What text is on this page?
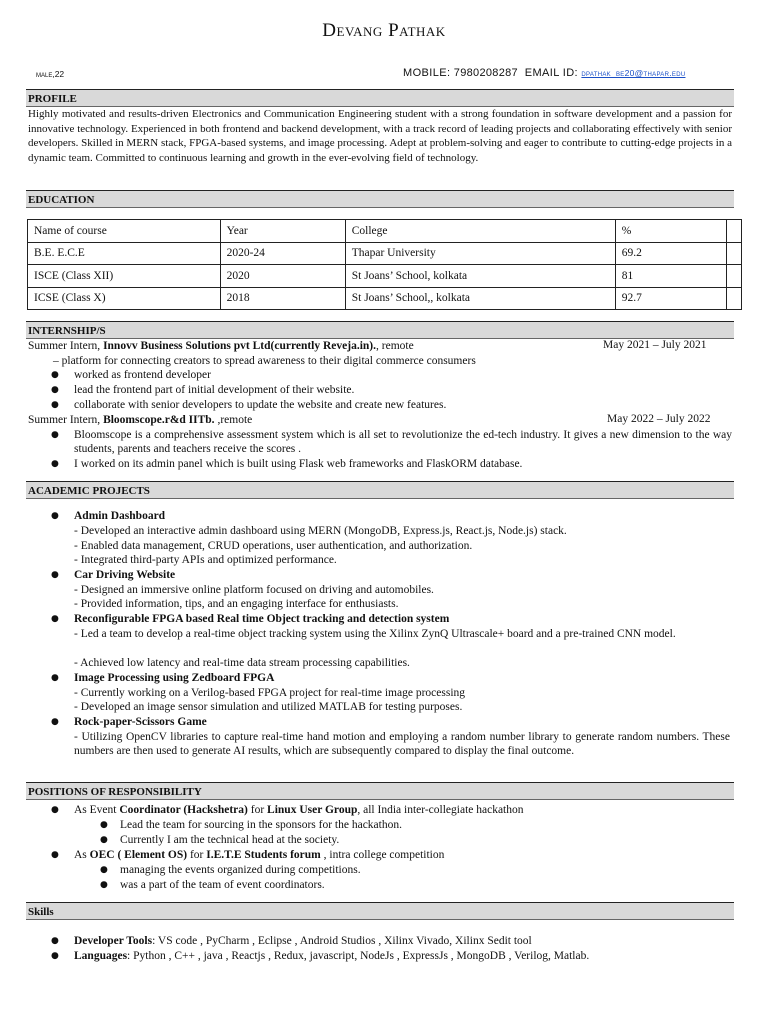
Devang Pathak
male,22	MOBILE: 7980208287 EMAIL ID: dpathak_be20@thapar.edu
PROFILE
Highly motivated and results-driven Electronics and Communication Engineering student with a strong foundation in software development and a passion for innovative technology. Experienced in both frontend and backend development, with a track record of leading projects and collaborating effectively with senior developers. Skilled in MERN stack, FPGA-based systems, and image processing. Adept at problem-solving and eager to contribute to cutting-edge projects in a dynamic team. Committed to continuous learning and growth in the ever-evolving field of technology.
EDUCATION
Name of course	Year	College	%	
B.E. E.C.E	2020-24	Thapar University	69.2	
ISCE (Class XII)	2020	St Joans’ School, kolkata	81	
ICSE (Class X)	2018	St Joans’ School,, kolkata	92.7	
INTERNSHIP/S
Summer Intern, Innovv Business Solutions pvt Ltd(currently Reveja.in)., remote	May 2021 – July 2021
– platform for connecting creators to spread awareness to their digital commerce consumers
● worked as frontend developer
● lead the frontend part of initial development of their website.
● collaborate with senior developers to update the website and create new features.
Summer Intern, Bloomscope.r&d IITb. ,remote	May 2022 – July 2022
● Bloomscope is a comprehensive assessment system which is all set to revolutionize the ed-tech industry. It gives a new dimension to the way students, parents and teachers receive the scores .
● I worked on its admin panel which is built using Flask web frameworks and FlaskORM database.
ACADEMIC PROJECTS
● Admin Dashboard
- Developed an interactive admin dashboard using MERN (MongoDB, Express.js, React.js, Node.js) stack.
- Enabled data management, CRUD operations, user authentication, and authorization.
- Integrated third-party APIs and optimized performance.
● Car Driving Website
- Designed an immersive online platform focused on driving and automobiles.
- Provided information, tips, and an engaging interface for enthusiasts.
● Reconfigurable FPGA based Real time Object tracking and detection system
- Led a team to develop a real-time object tracking system using the Xilinx ZynQ Ultrascale+ board and a pre-trained CNN model.
- Achieved low latency and real-time data stream processing capabilities.
● Image Processing using Zedboard FPGA
- Currently working on a Verilog-based FPGA project for real-time image processing
- Developed an image sensor simulation and utilized MATLAB for testing purposes.
● Rock-paper-Scissors Game
- Utilizing OpenCV libraries to capture real-time hand motion and employing a random number library to generate random numbers. These numbers are then used to generate AI results, which are subsequently compared to display the final outcome.
POSITIONS OF RESPONSIBILITY
● As Event Coordinator (Hackshetra) for Linux User Group, all India inter-collegiate hackathon
● Lead the team for sourcing in the sponsors for the hackathon.
● Currently I am the technical head at the society.
● As OEC ( Element OS) for I.E.T.E Students forum , intra college competition
● managing the events organized during competitions.
● was a part of the team of event coordinators.
Skills
● Developer Tools: VS code , PyCharm , Eclipse , Android Studios , Xilinx Vivado, Xilinx Sedit tool
● Languages: Python , C++ , java , Reactjs , Redux, javascript, NodeJs , ExpressJs , MongoDB , Verilog, Matlab.
